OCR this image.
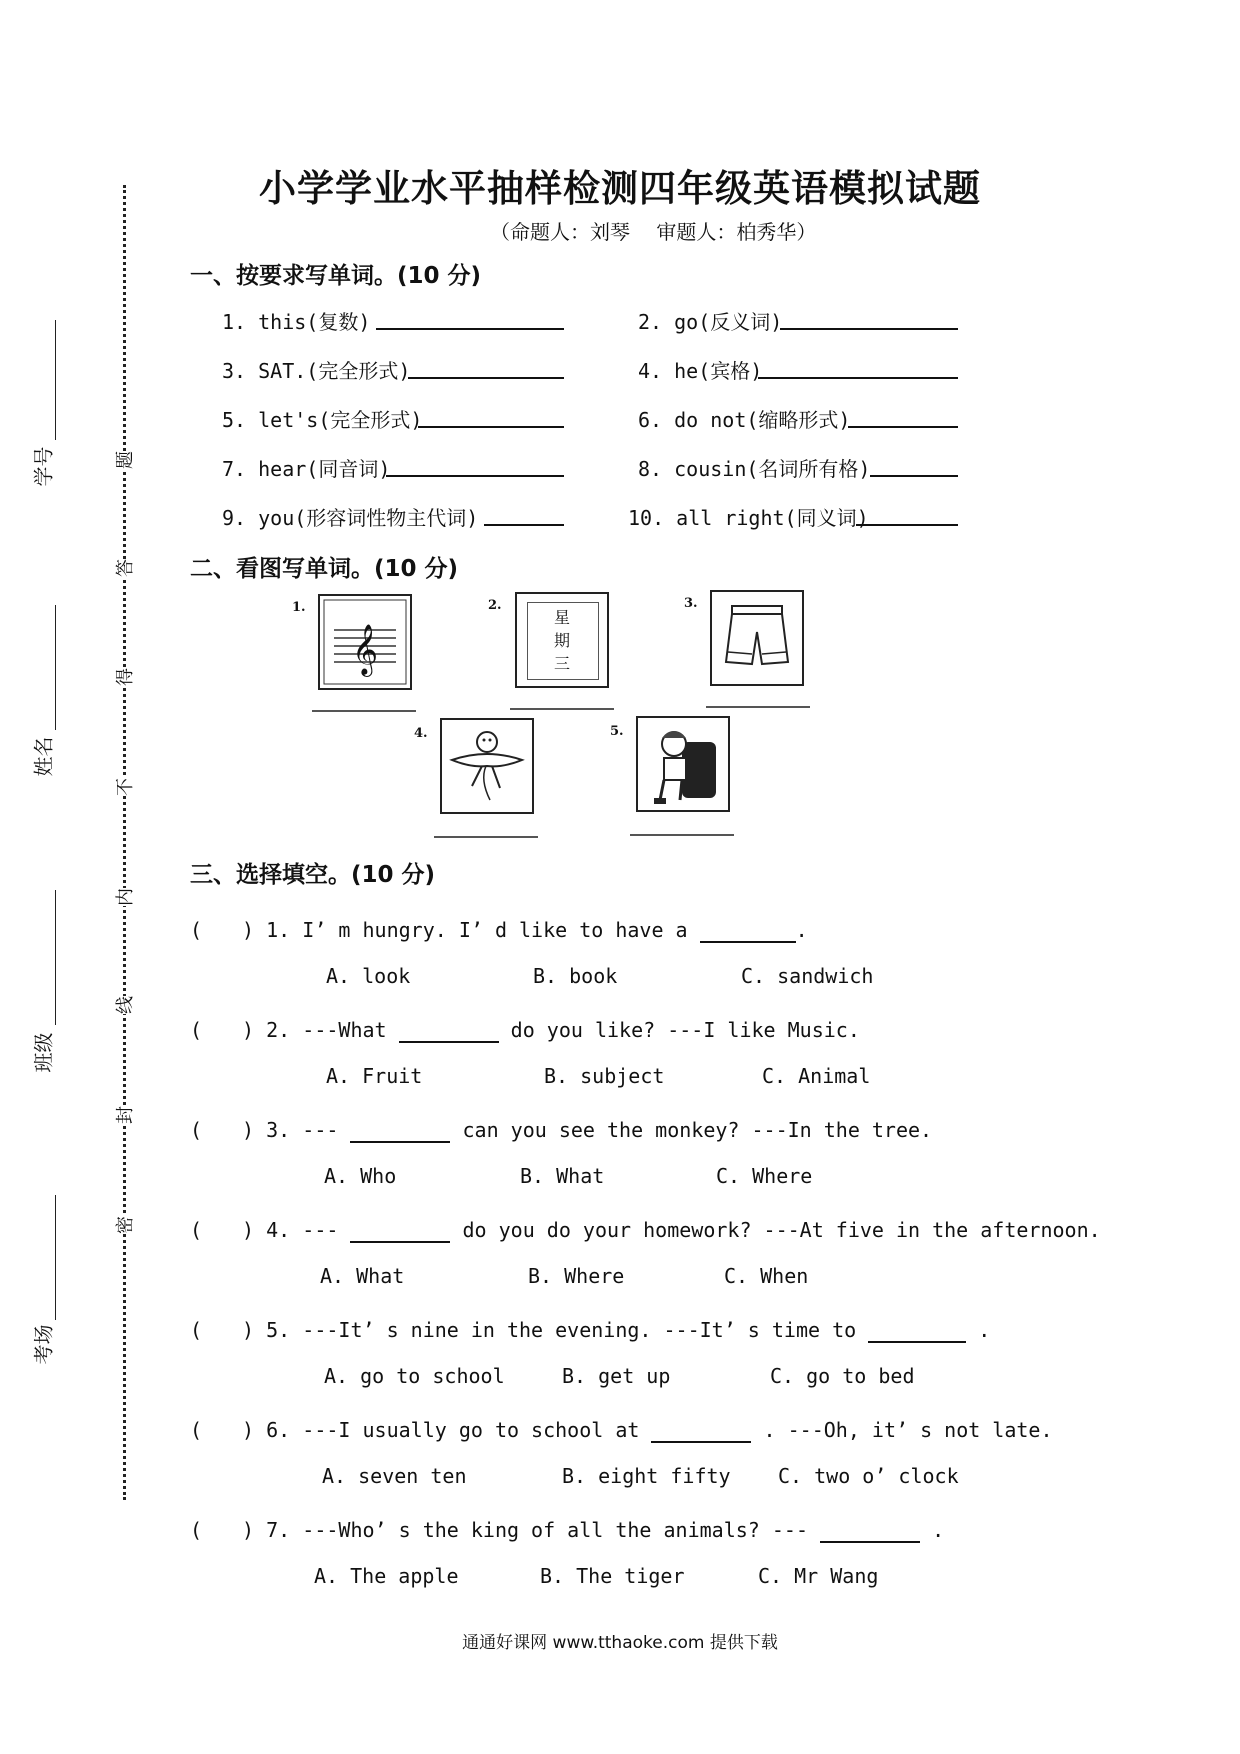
学号
姓名
班级
考场
题
答
得
不
内
线
封
密
小学学业水平抽样检测四年级英语模拟试题
（命题人：刘琴　 审题人：柏秀华）
一、按要求写单词。(10 分)
1. this(复数)	2. go(反义词)
3. SAT.(完全形式)	4. he(宾格)
5. let's(完全形式)	6. do not(缩略形式)
7. hear(同音词)	8. cousin(名词所有格)
9. you(形容词性物主代词)	10. all right(同义词)
二、看图写单词。(10 分)
1.
𝄞
2.
星
期
三
3.
4.	5.
三、选择填空。(10 分)
(　　) 1. I’ m hungry. I’ d like to have a	.
A. look	B. book	C. sandwich
(　　) 2. ---What	do you like? ---I like Music.
A. Fruit	B. subject	C. Animal
(　　) 3. ---	can you see the monkey? ---In the tree.
A. Who	B. What	C. Where
(　　) 4. ---	do you do your homework? ---At five in the afternoon.
A. What	B. Where	C. When
(　　) 5. ---It’ s nine in the evening. ---It’ s time to	.
A. go to school	B. get up	C. go to bed
(　　) 6. ---I usually go to school at	. ---Oh, it’ s not late.
A. seven ten	B. eight fifty C. two o’ clock
(　　) 7. ---Who’ s the king of all the animals? ---	.
A. The apple	B. The tiger	C. Mr Wang
通通好课网 www.tthaoke.com 提供下载
